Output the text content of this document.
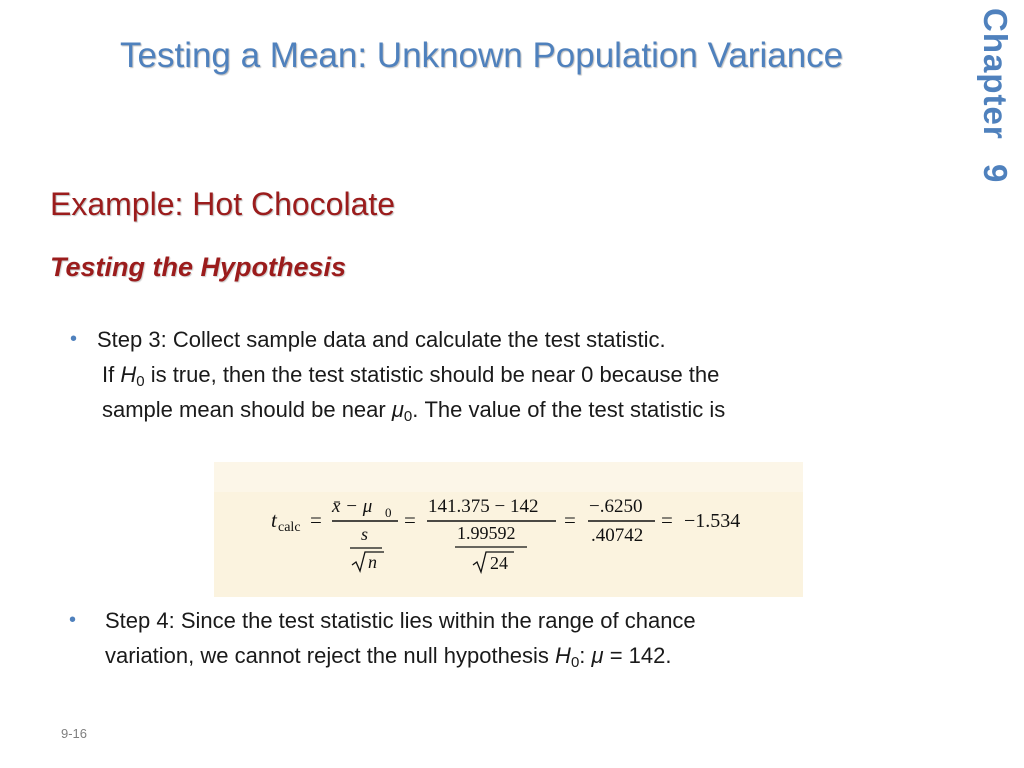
Testing a Mean: Unknown Population Variance	Chapter 9
Example: Hot Chocolate
Testing the Hypothesis
• Step 3: Collect sample data and calculate the test statistic.
If $H_0$ is true, then the test statistic should be near 0 because the
sample mean should be near $\mu_0$. The value of the test statistic is
t calc =
x̄ − μ 0
s
n
=
141.375 − 142
1.99592
24
=
−.6250
.40742
= −1.534
• Step 4: Since the test statistic lies within the range of chance
variation, we cannot reject the null hypothesis $H_0$: μ = 142.
9-16
